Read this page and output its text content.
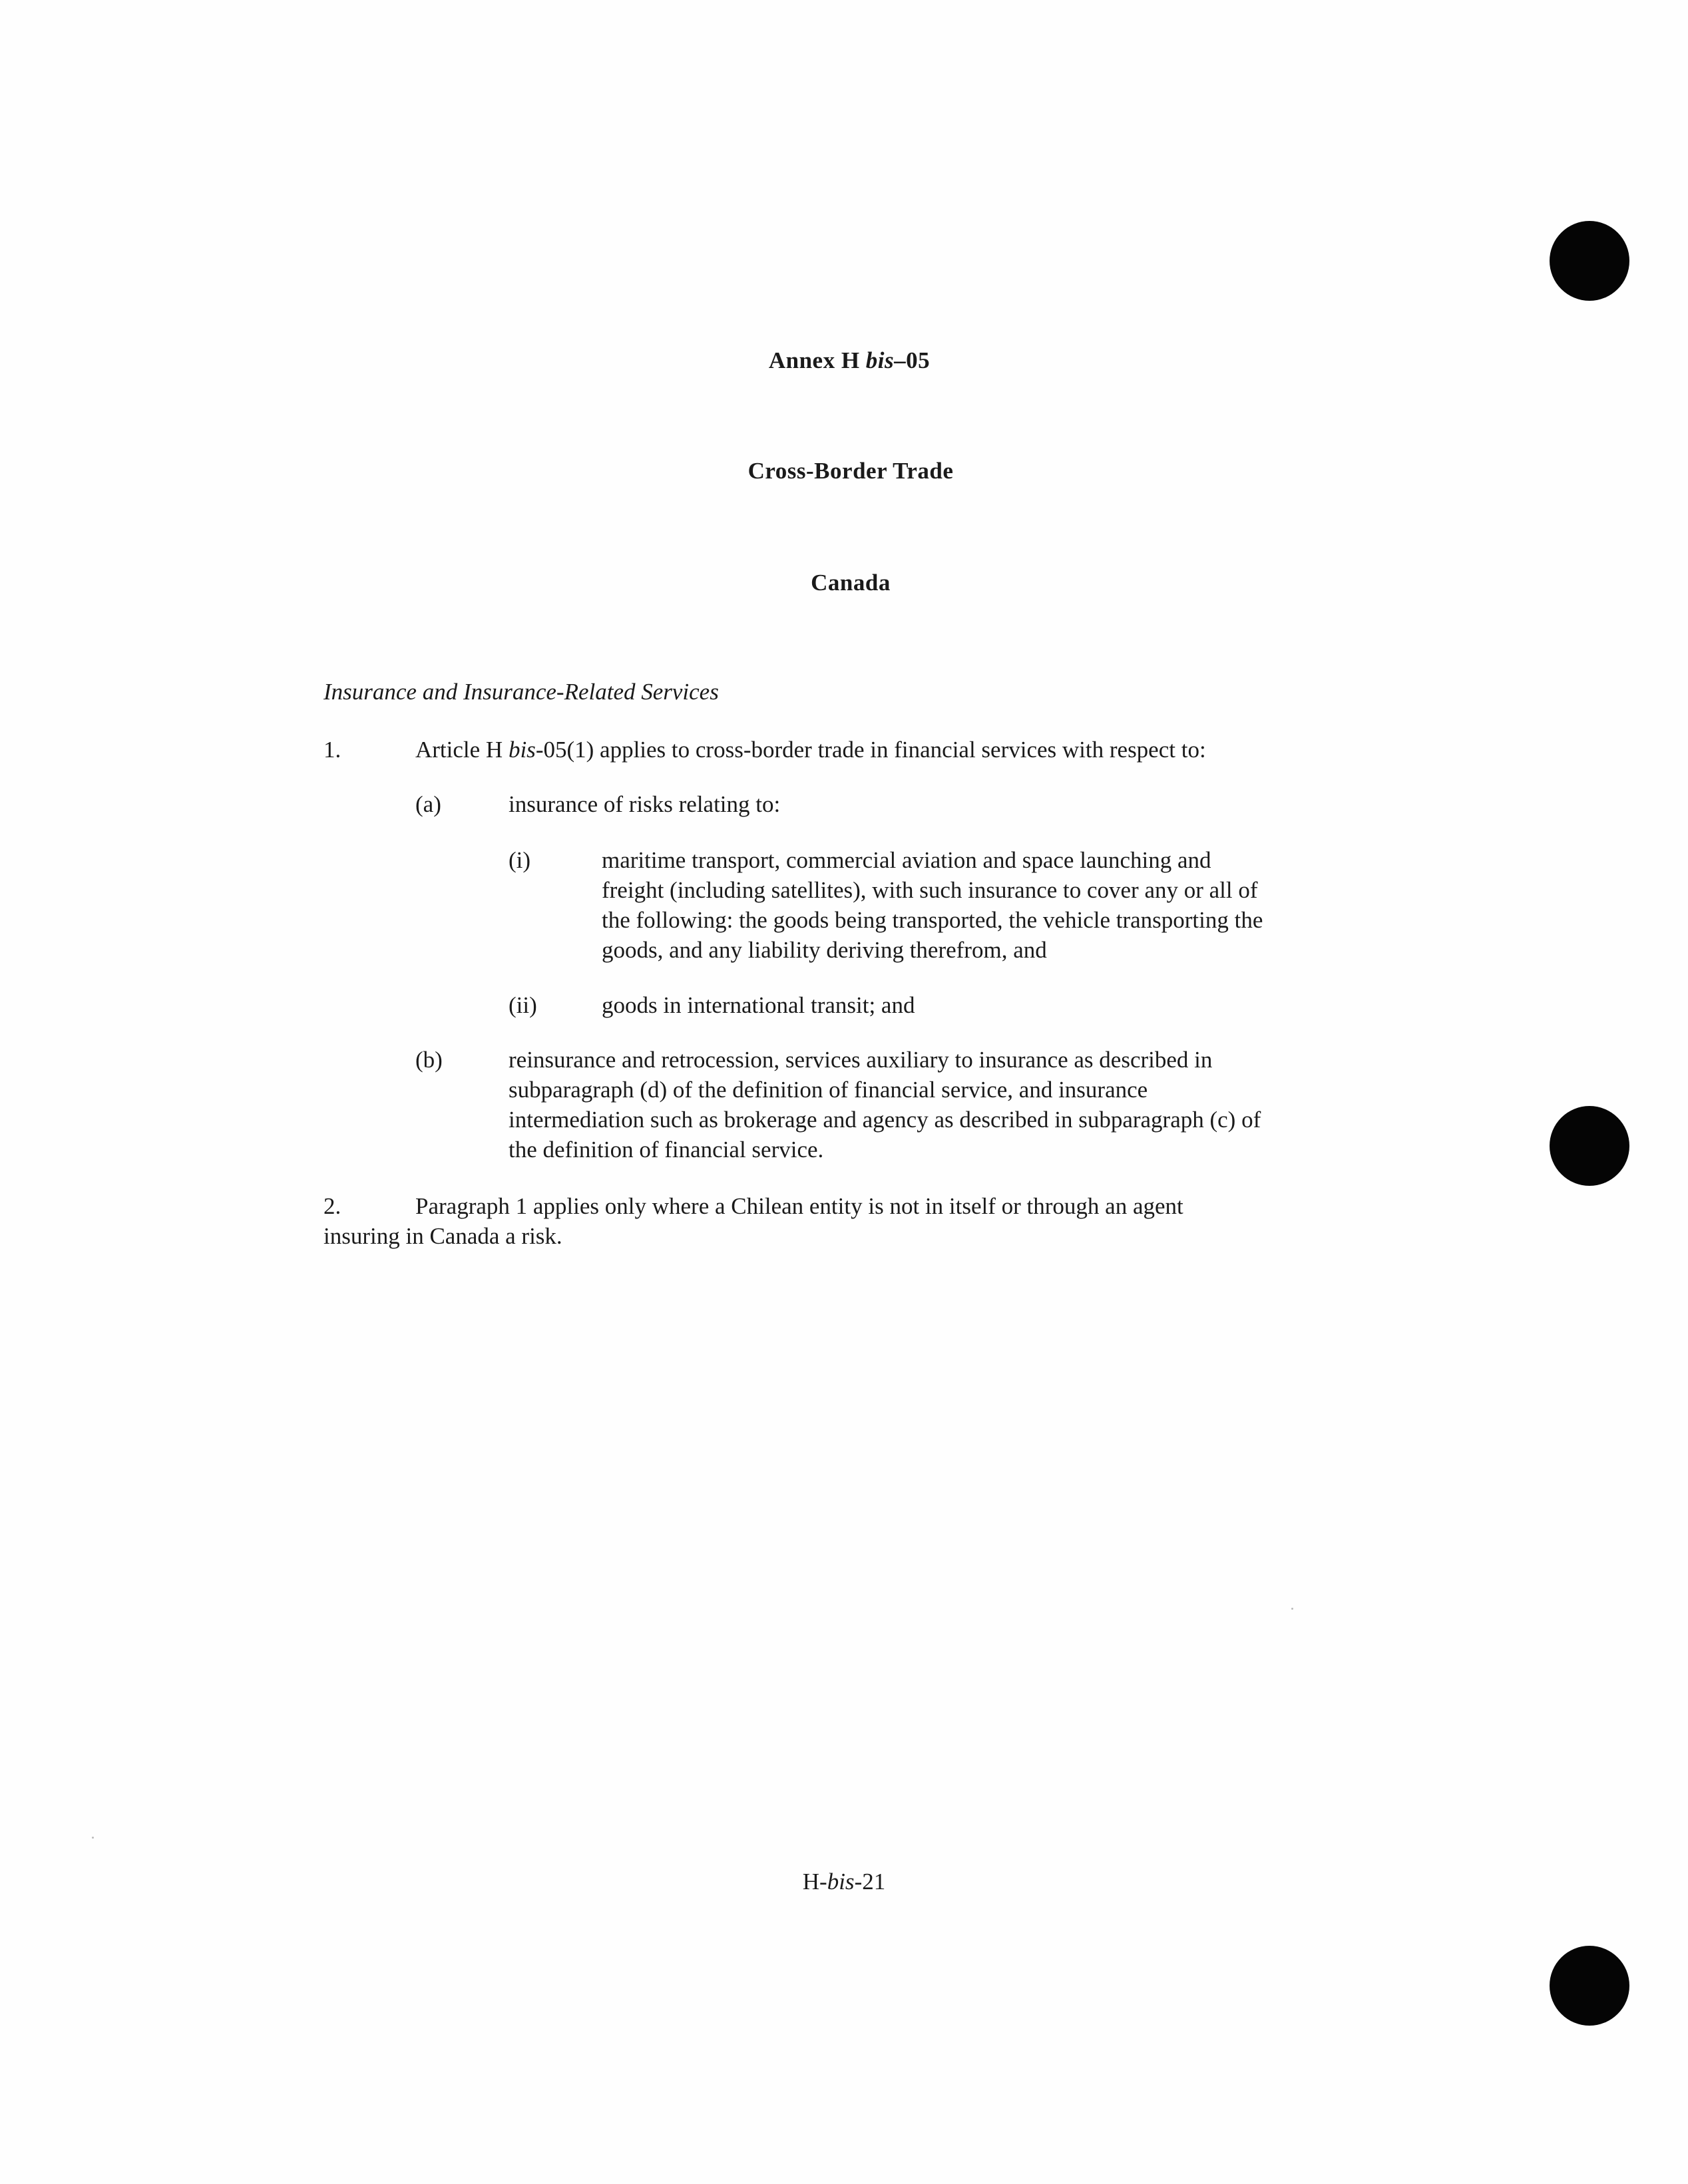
Annex H bis–05
Cross-Border Trade
Canada
Insurance and Insurance-Related Services
1.	Article H bis-05(1) applies to cross-border trade in financial services with respect to:
(a)	insurance of risks relating to:
(i)	maritime transport, commercial aviation and space launching and
freight (including satellites), with such insurance to cover any or all of
the following: the goods being transported, the vehicle transporting the
goods, and any liability deriving therefrom, and
(ii)	goods in international transit; and
(b)	reinsurance and retrocession, services auxiliary to insurance as described in
subparagraph (d) of the definition of financial service, and insurance
intermediation such as brokerage and agency as described in subparagraph (c) of
the definition of financial service.
2.	Paragraph 1 applies only where a Chilean entity is not in itself or through an agent
insuring in Canada a risk.
H-bis-21
